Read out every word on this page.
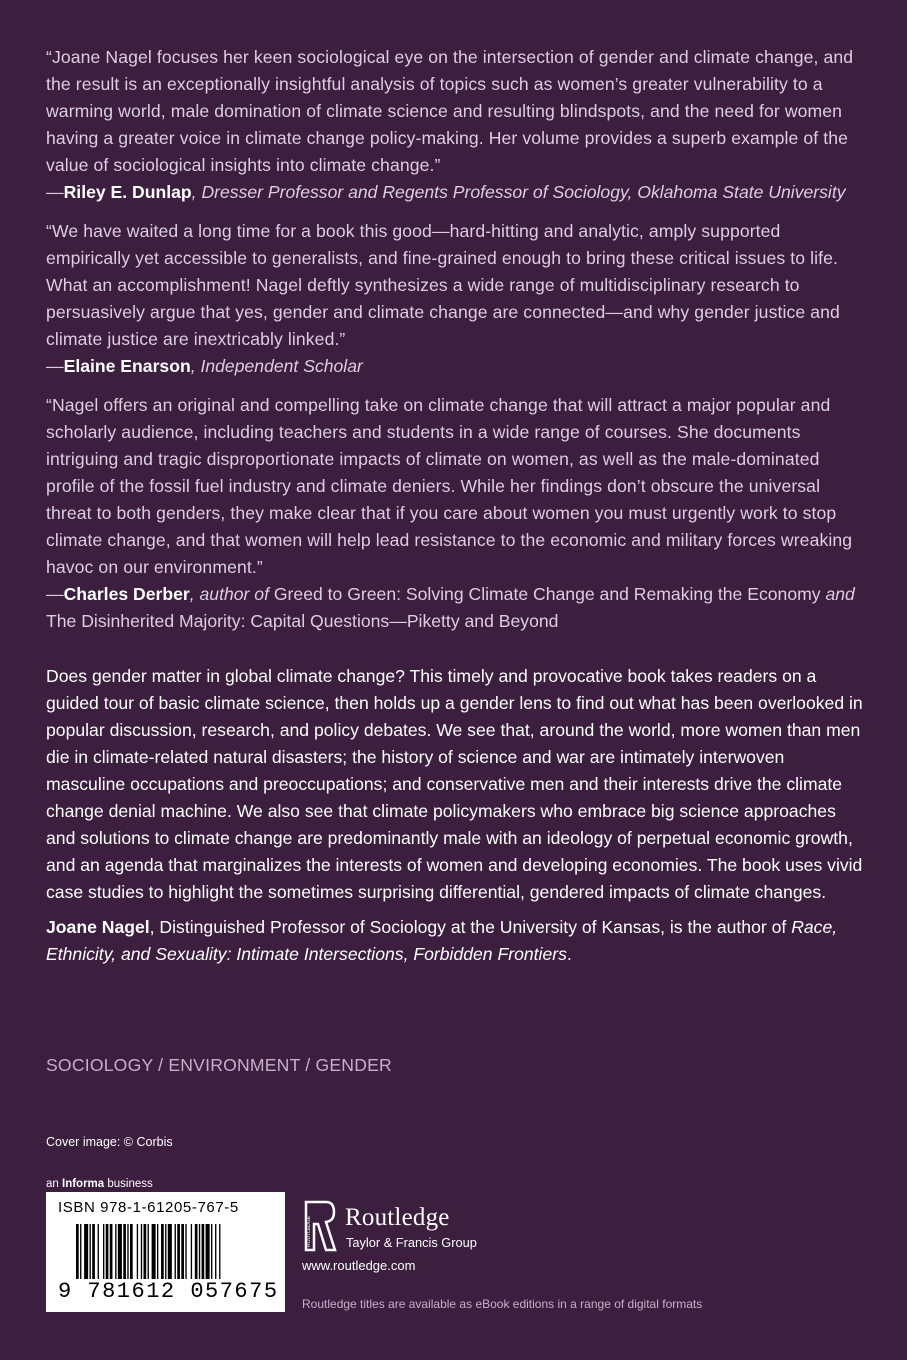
“Joane Nagel focuses her keen sociological eye on the intersection of gender and climate change, and the result is an exceptionally insightful analysis of topics such as women’s greater vulnerability to a warming world, male domination of climate science and resulting blindspots, and the need for women having a greater voice in climate change policy-making. Her volume provides a superb example of the value of sociological insights into climate change.”

—Riley E. Dunlap, Dresser Professor and Regents Professor of Sociology, Oklahoma State University

“We have waited a long time for a book this good—hard-hitting and analytic, amply supported empirically yet accessible to generalists, and fine-grained enough to bring these critical issues to life. What an accomplishment! Nagel deftly synthesizes a wide range of multidisciplinary research to persuasively argue that yes, gender and climate change are connected—and why gender justice and climate justice are inextricably linked.”

—Elaine Enarson, Independent Scholar

“Nagel offers an original and compelling take on climate change that will attract a major popular and scholarly audience, including teachers and students in a wide range of courses. She documents intriguing and tragic disproportionate impacts of climate on women, as well as the male-dominated profile of the fossil fuel industry and climate deniers. While her findings don’t obscure the universal threat to both genders, they make clear that if you care about women you must urgently work to stop climate change, and that women will help lead resistance to the economic and military forces wreaking havoc on our environment.”

—Charles Derber, author of Greed to Green: Solving Climate Change and Remaking the Economy and The Disinherited Majority: Capital Questions—Piketty and Beyond

Does gender matter in global climate change? This timely and provocative book takes readers on a guided tour of basic climate science, then holds up a gender lens to find out what has been overlooked in popular discussion, research, and policy debates. We see that, around the world, more women than men die in climate-related natural disasters; the history of science and war are intimately interwoven masculine occupations and preoccupations; and conservative men and their interests drive the climate change denial machine. We also see that climate policymakers who embrace big science approaches and solutions to climate change are predominantly male with an ideology of perpetual economic growth, and an agenda that marginalizes the interests of women and developing economies. The book uses vivid case studies to highlight the sometimes surprising differential, gendered impacts of climate changes.

Joane Nagel, Distinguished Professor of Sociology at the University of Kansas, is the author of Race, Ethnicity, and Sexuality: Intimate Intersections, Forbidden Frontiers.

SOCIOLOGY / ENVIRONMENT / GENDER
Cover image: © Corbis
an Informa business
ISBN 978-1-61205-767-5
9 781612 057675
ROUTLEDGE Routledge
Taylor & Francis Group
www.routledge.com
Routledge titles are available as eBook editions in a range of digital formats
